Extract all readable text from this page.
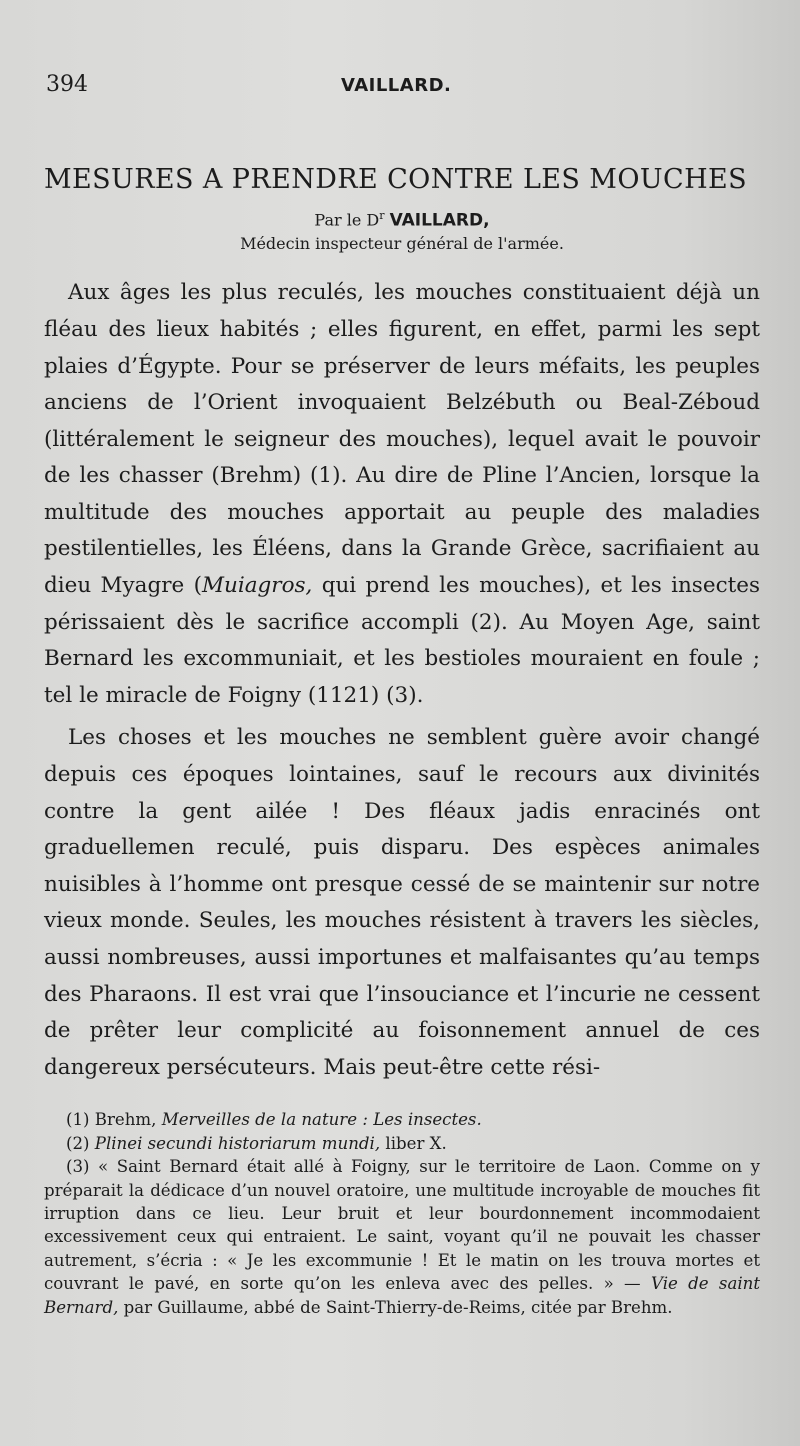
394	VAILLARD.
MESURES A PRENDRE CONTRE LES MOUCHES
Par le $D^r$ VAILLARD,
Médecin inspecteur général de l'armée.

Aux âges les plus reculés, les mouches constituaient déjà un fléau des lieux habités ; elles figurent, en effet, parmi les sept plaies d’Égypte. Pour se préserver de leurs méfaits, les peuples anciens de l’Orient invoquaient Belzébuth ou Beal-Zéboud (littéralement le seigneur des mouches), lequel avait le pouvoir de les chasser (Brehm) (1). Au dire de Pline l’Ancien, lorsque la multitude des mouches apportait au peuple des maladies pestilentielles, les Éléens, dans la Grande Grèce, sacrifiaient au dieu Myagre (Muiagros, qui prend les mouches), et les insectes périssaient dès le sacrifice accompli (2). Au Moyen Age, saint Bernard les excommuniait, et les bestioles mouraient en foule ; tel le miracle de Foigny (1121) (3).

Les choses et les mouches ne semblent guère avoir changé depuis ces époques lointaines, sauf le recours aux divinités contre la gent ailée ! Des fléaux jadis enracinés ont graduellemen reculé, puis disparu. Des espèces animales nuisibles à l’homme ont presque cessé de se maintenir sur notre vieux monde. Seules, les mouches résistent à travers les siècles, aussi nombreuses, aussi importunes et malfaisantes qu’au temps des Pharaons. Il est vrai que l’insouciance et l’incurie ne cessent de prêter leur complicité au foisonnement annuel de ces dangereux persécuteurs. Mais peut-être cette rési-

(1) Brehm, Merveilles de la nature : Les insectes.

(2) Plinei secundi historiarum mundi, liber X.

(3) « Saint Bernard était allé à Foigny, sur le territoire de Laon. Comme on y préparait la dédicace d’un nouvel oratoire, une multitude incroyable de mouches fit irruption dans ce lieu. Leur bruit et leur bourdonnement incommodaient excessivement ceux qui entraient. Le saint, voyant qu’il ne pouvait les chasser autrement, s’écria : « Je les excommunie ! Et le matin on les trouva mortes et couvrant le pavé, en sorte qu’on les enleva avec des pelles. » — Vie de saint Bernard, par Guillaume, abbé de Saint-Thierry-de-Reims, citée par Brehm.
